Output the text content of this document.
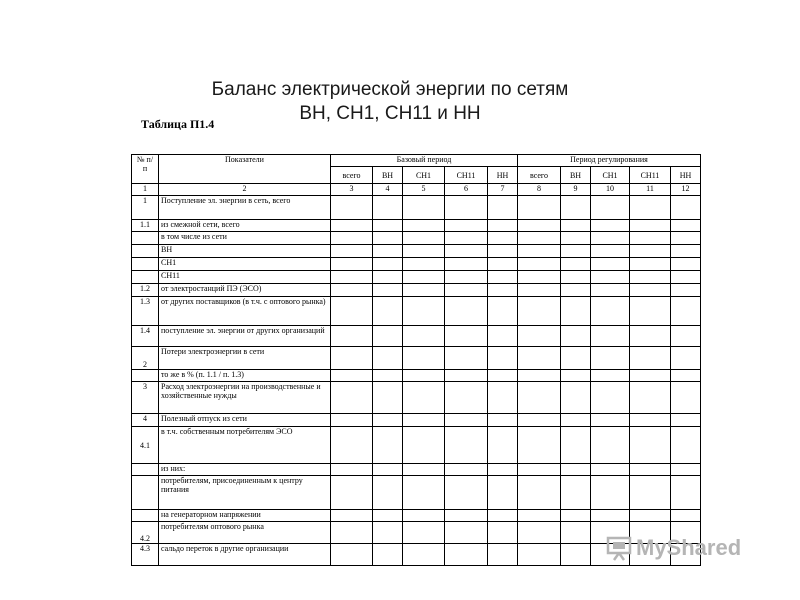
Баланс электрической энергии по сетям
ВН, СН1, СН11 и НН
Таблица П1.4
№ п/ п	Показатели	Базовый период					Период регулирования				
		всего	ВН	СН1	СН11	НН	всего	ВН	СН1	СН11	НН
1	2	3	4	5	6	7	8	9	10	11	12
1	Поступление эл. энергии в сеть, всего										
1.1	из смежной сети, всего										
	в том числе из сети										
	ВН										
	СН1										
	СН11										
1.2	от электростанций ПЭ (ЭСО)										
1.3	от других поставщиков (в т.ч. с оптового рынка)										
1.4	поступление эл. энергии от других организаций										
2	Потери электроэнергии в сети										
	то же в % (п. 1.1 / п. 1.3)										
3	Расход электроэнергии на производственные и хозяйственные нужды										
4	Полезный отпуск из сети										
4.1	в т.ч. собственным потребителям ЭСО										
	из них:										
	потребителям, присоединенным к центру питания										
	на генераторном напряжении										
4.2	потребителям оптового рынка										
4.3	сальдо переток в другие организации											MyShared
